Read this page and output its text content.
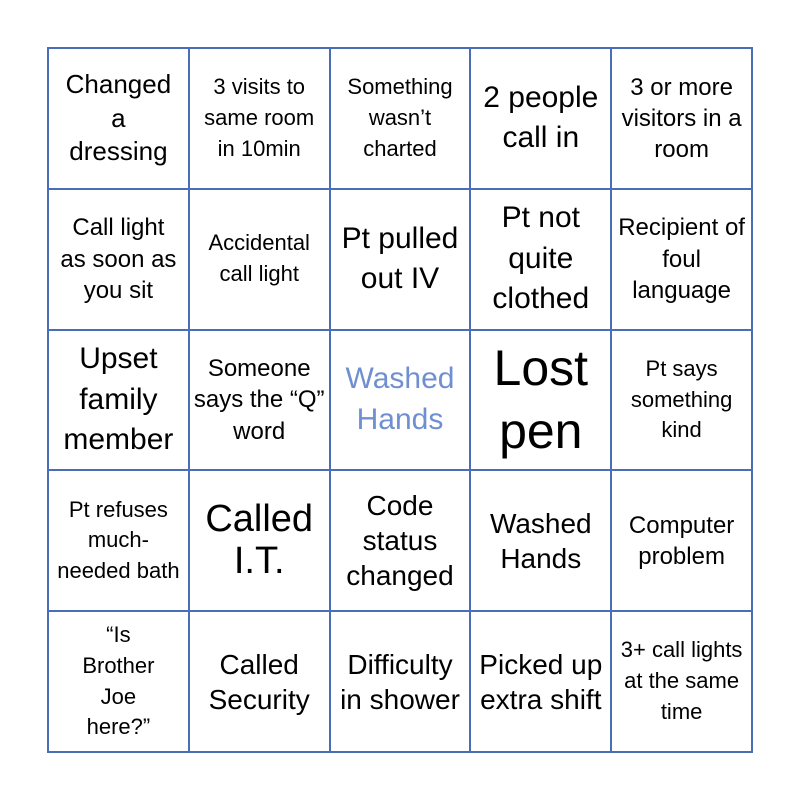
Changed a dressing
3 visits to same room in 10min
Something wasn’t charted
2 people call in
3 or more visitors in a room
Call light as soon as you sit
Accidental call light
Pt pulled out IV
Pt not quite clothed
Recipient of foul language
Upset family member
Someone says the “Q” word
Washed Hands
Lost pen
Pt says something kind
Pt refuses much-needed bath
Called I.T.
Code status changed
Washed Hands
Computer problem
“Is Brother Joe here?”
Called Security
Difficulty in shower
Picked up extra shift
3+ call lights at the same time
